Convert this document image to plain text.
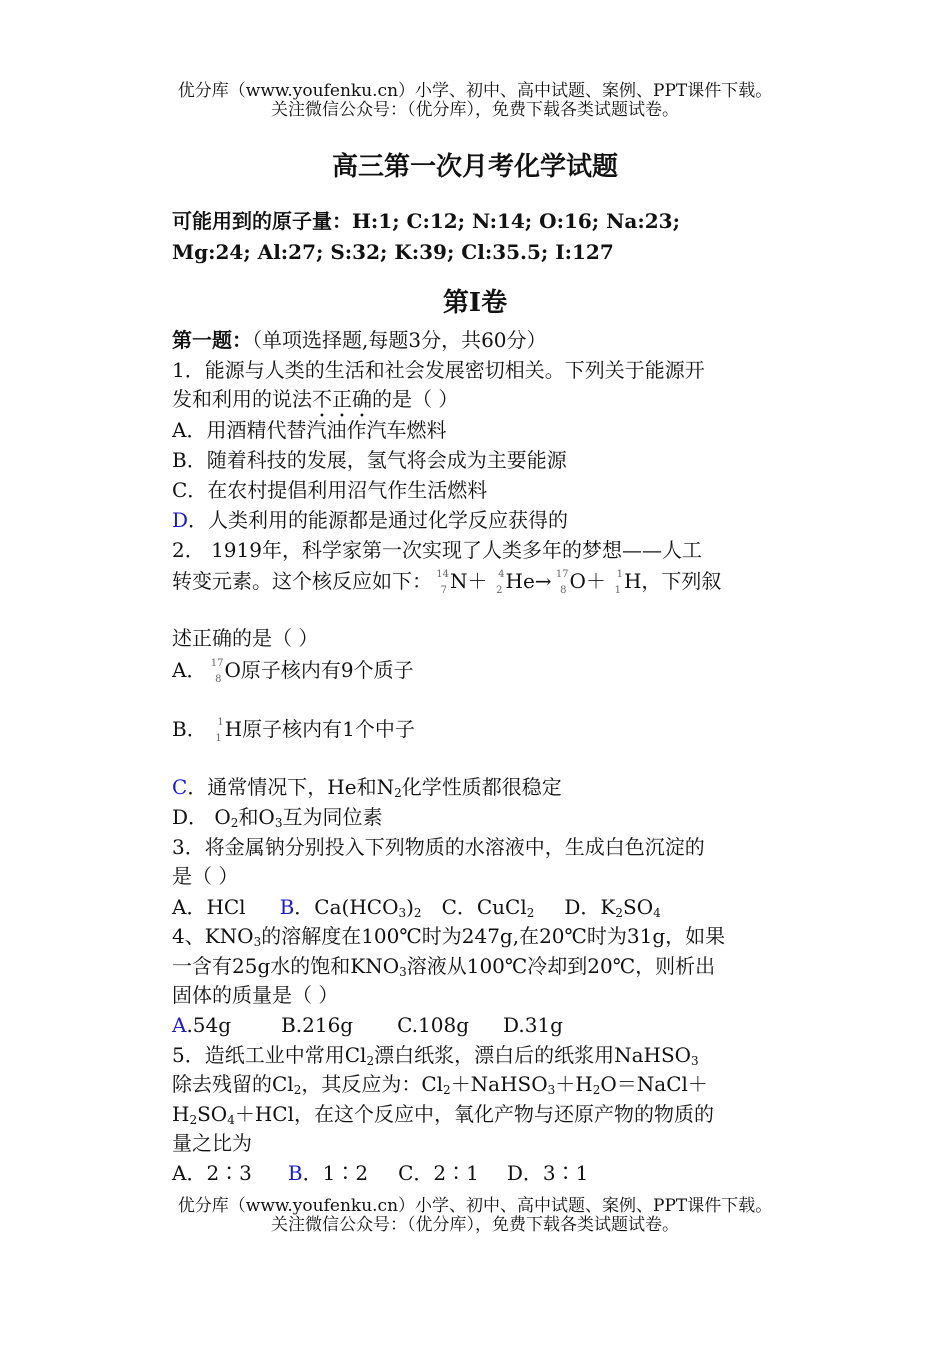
优分库（www.youfenku.cn）小学、初中、高中试题、案例、PPT课件下载。
关注微信公众号：（优分库），免费下载各类试题试卷。
高三第一次月考化学试题
可能用到的原子量：H:1; C:12; N:14; O:16; Na:23;
Mg:24; Al:27; S:32; K:39; Cl:35.5; I:127
第I卷
第一题：（单项选择题,每题3分，共60分）
1．能源与人类的生活和社会发展密切相关。下列关于能源开
发和利用的说法不正确的是（ ）
A．用酒精代替汽油作汽车燃料
B．随着科技的发展，氢气将会成为主要能源
C．在农村提倡利用沼气作生活燃料
D．人类利用的能源都是通过化学反应获得的
2． 1919年，科学家第一次实现了人类多年的梦想——人工
转变元素。这个核反应如下： 14
7 N＋ 4
2 He→ 17
8 O＋ 1
1 H，下列叙
述正确的是（ ）
A． 17
8 O原子核内有9个质子
B． 1
1 H原子核内有1个中子
C．通常情况下，He和$N_2$化学性质都很稳定
D． $O_2$和$O_3$互为同位素
3．将金属钠分别投入下列物质的水溶液中，生成白色沉淀的
是（ ）
A．HCl B．$Ca(HCO_3)_2$ C．CuCl$_2$ D．$K_2SO_4$
4、$KNO_3$的溶解度在100℃时为247g,在20℃时为31g，如果
一含有25g水的饱和$KNO_3$溶液从100℃冷却到20℃，则析出
固体的质量是（ ）
A.54g	B.216g C.108g D.31g
5．造纸工业中常用$Cl_2$漂白纸浆，漂白后的纸浆用NaHSO$_3$
除去残留的$Cl_2$，其反应为：$Cl_2+NaHSO_3+H_2O=NaCl+$
$H_2SO_4+HCl$，在这个反应中，氧化产物与还原产物的物质的
量之比为
A．2∶3 B．1∶2 C．2∶1 D．3∶1
优分库（www.youfenku.cn）小学、初中、高中试题、案例、PPT课件下载。
关注微信公众号：（优分库），免费下载各类试题试卷。
